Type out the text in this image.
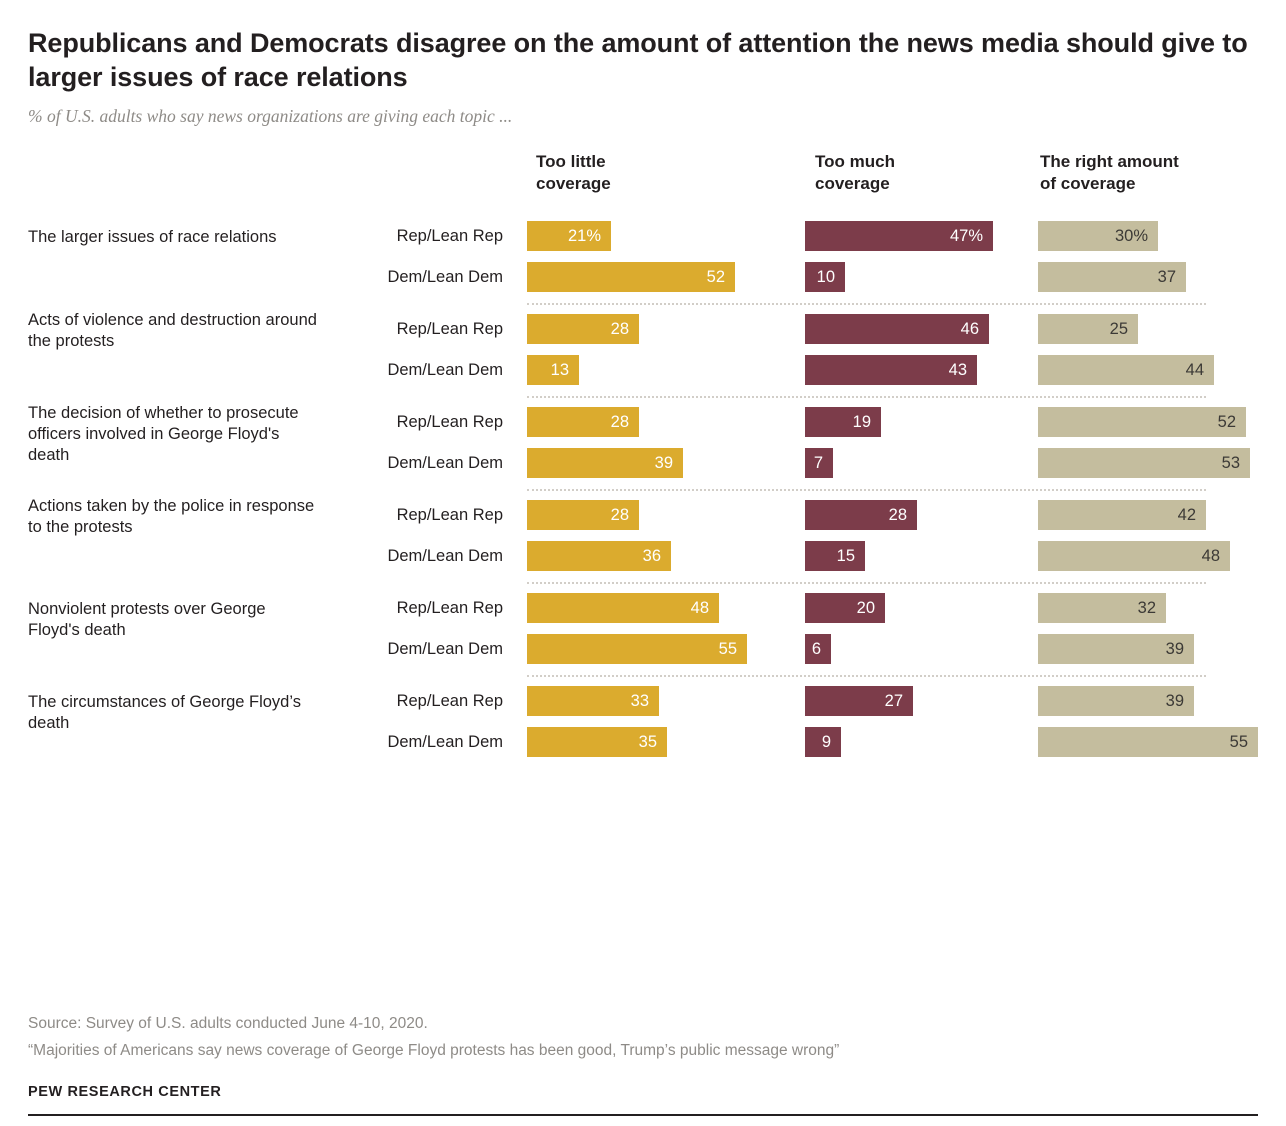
Republicans and Democrats disagree on the amount of attention the news media should give to larger issues of race relations
% of U.S. adults who say news organizations are giving each topic ...
Too little
coverage
Too much
coverage
The right amount
of coverage
The larger issues of race relations	Rep/Lean Rep	21%	47%	30%
Dem/Lean Dem	52	10	37
Acts of violence and destruction around the protests
Rep/Lean Rep	28	46	25
Dem/Lean Dem	13	43	44
The decision of whether to prosecute officers involved in George Floyd's death
Rep/Lean Rep	28	19	52
Dem/Lean Dem	39	7	53
Actions taken by the police in response to the protests
Rep/Lean Rep	28	28	42
Dem/Lean Dem	36	15	48
Nonviolent protests over George Floyd's death
Rep/Lean Rep	48	20	32
Dem/Lean Dem	55	6	39
The circumstances of George Floyd’s death
Rep/Lean Rep	33	27	39
Dem/Lean Dem	35	9	55
Source: Survey of U.S. adults conducted June 4-10, 2020.
“Majorities of Americans say news coverage of George Floyd protests has been good, Trump’s public message wrong”
PEW RESEARCH CENTER
